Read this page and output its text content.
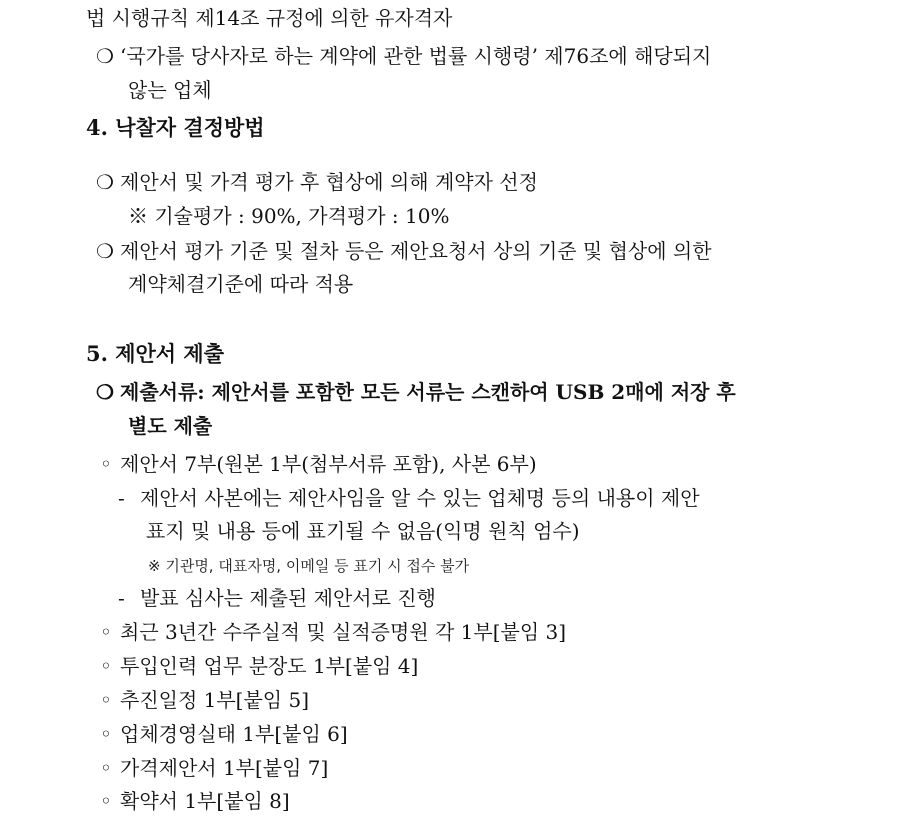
법 시행규칙 제14조 규정에 의한 유자격자
❍ ‘국가를 당사자로 하는 계약에 관한 법률 시행령’ 제76조에 해당되지
않는 업체
4. 낙찰자 결정방법
❍ 제안서 및 가격 평가 후 협상에 의해 계약자 선정
※ 기술평가 : 90%, 가격평가 : 10%
❍ 제안서 평가 기준 및 절차 등은 제안요청서 상의 기준 및 협상에 의한
계약체결기준에 따라 적용
5. 제안서 제출
❍ 제출서류: 제안서를 포함한 모든 서류는 스캔하여 USB 2매에 저장 후
별도 제출
◦ 제안서 7부(원본 1부(첨부서류 포함), 사본 6부)
- 제안서 사본에는 제안사임을 알 수 있는 업체명 등의 내용이 제안
표지 및 내용 등에 표기될 수 없음(익명 원칙 엄수)
※ 기관명, 대표자명, 이메일 등 표기 시 접수 불가
- 발표 심사는 제출된 제안서로 진행
◦ 최근 3년간 수주실적 및 실적증명원 각 1부[붙임 3]
◦ 투입인력 업무 분장도 1부[붙임 4]
◦ 추진일정 1부[붙임 5]
◦ 업체경영실태 1부[붙임 6]
◦ 가격제안서 1부[붙임 7]
◦ 확약서 1부[붙임 8]
